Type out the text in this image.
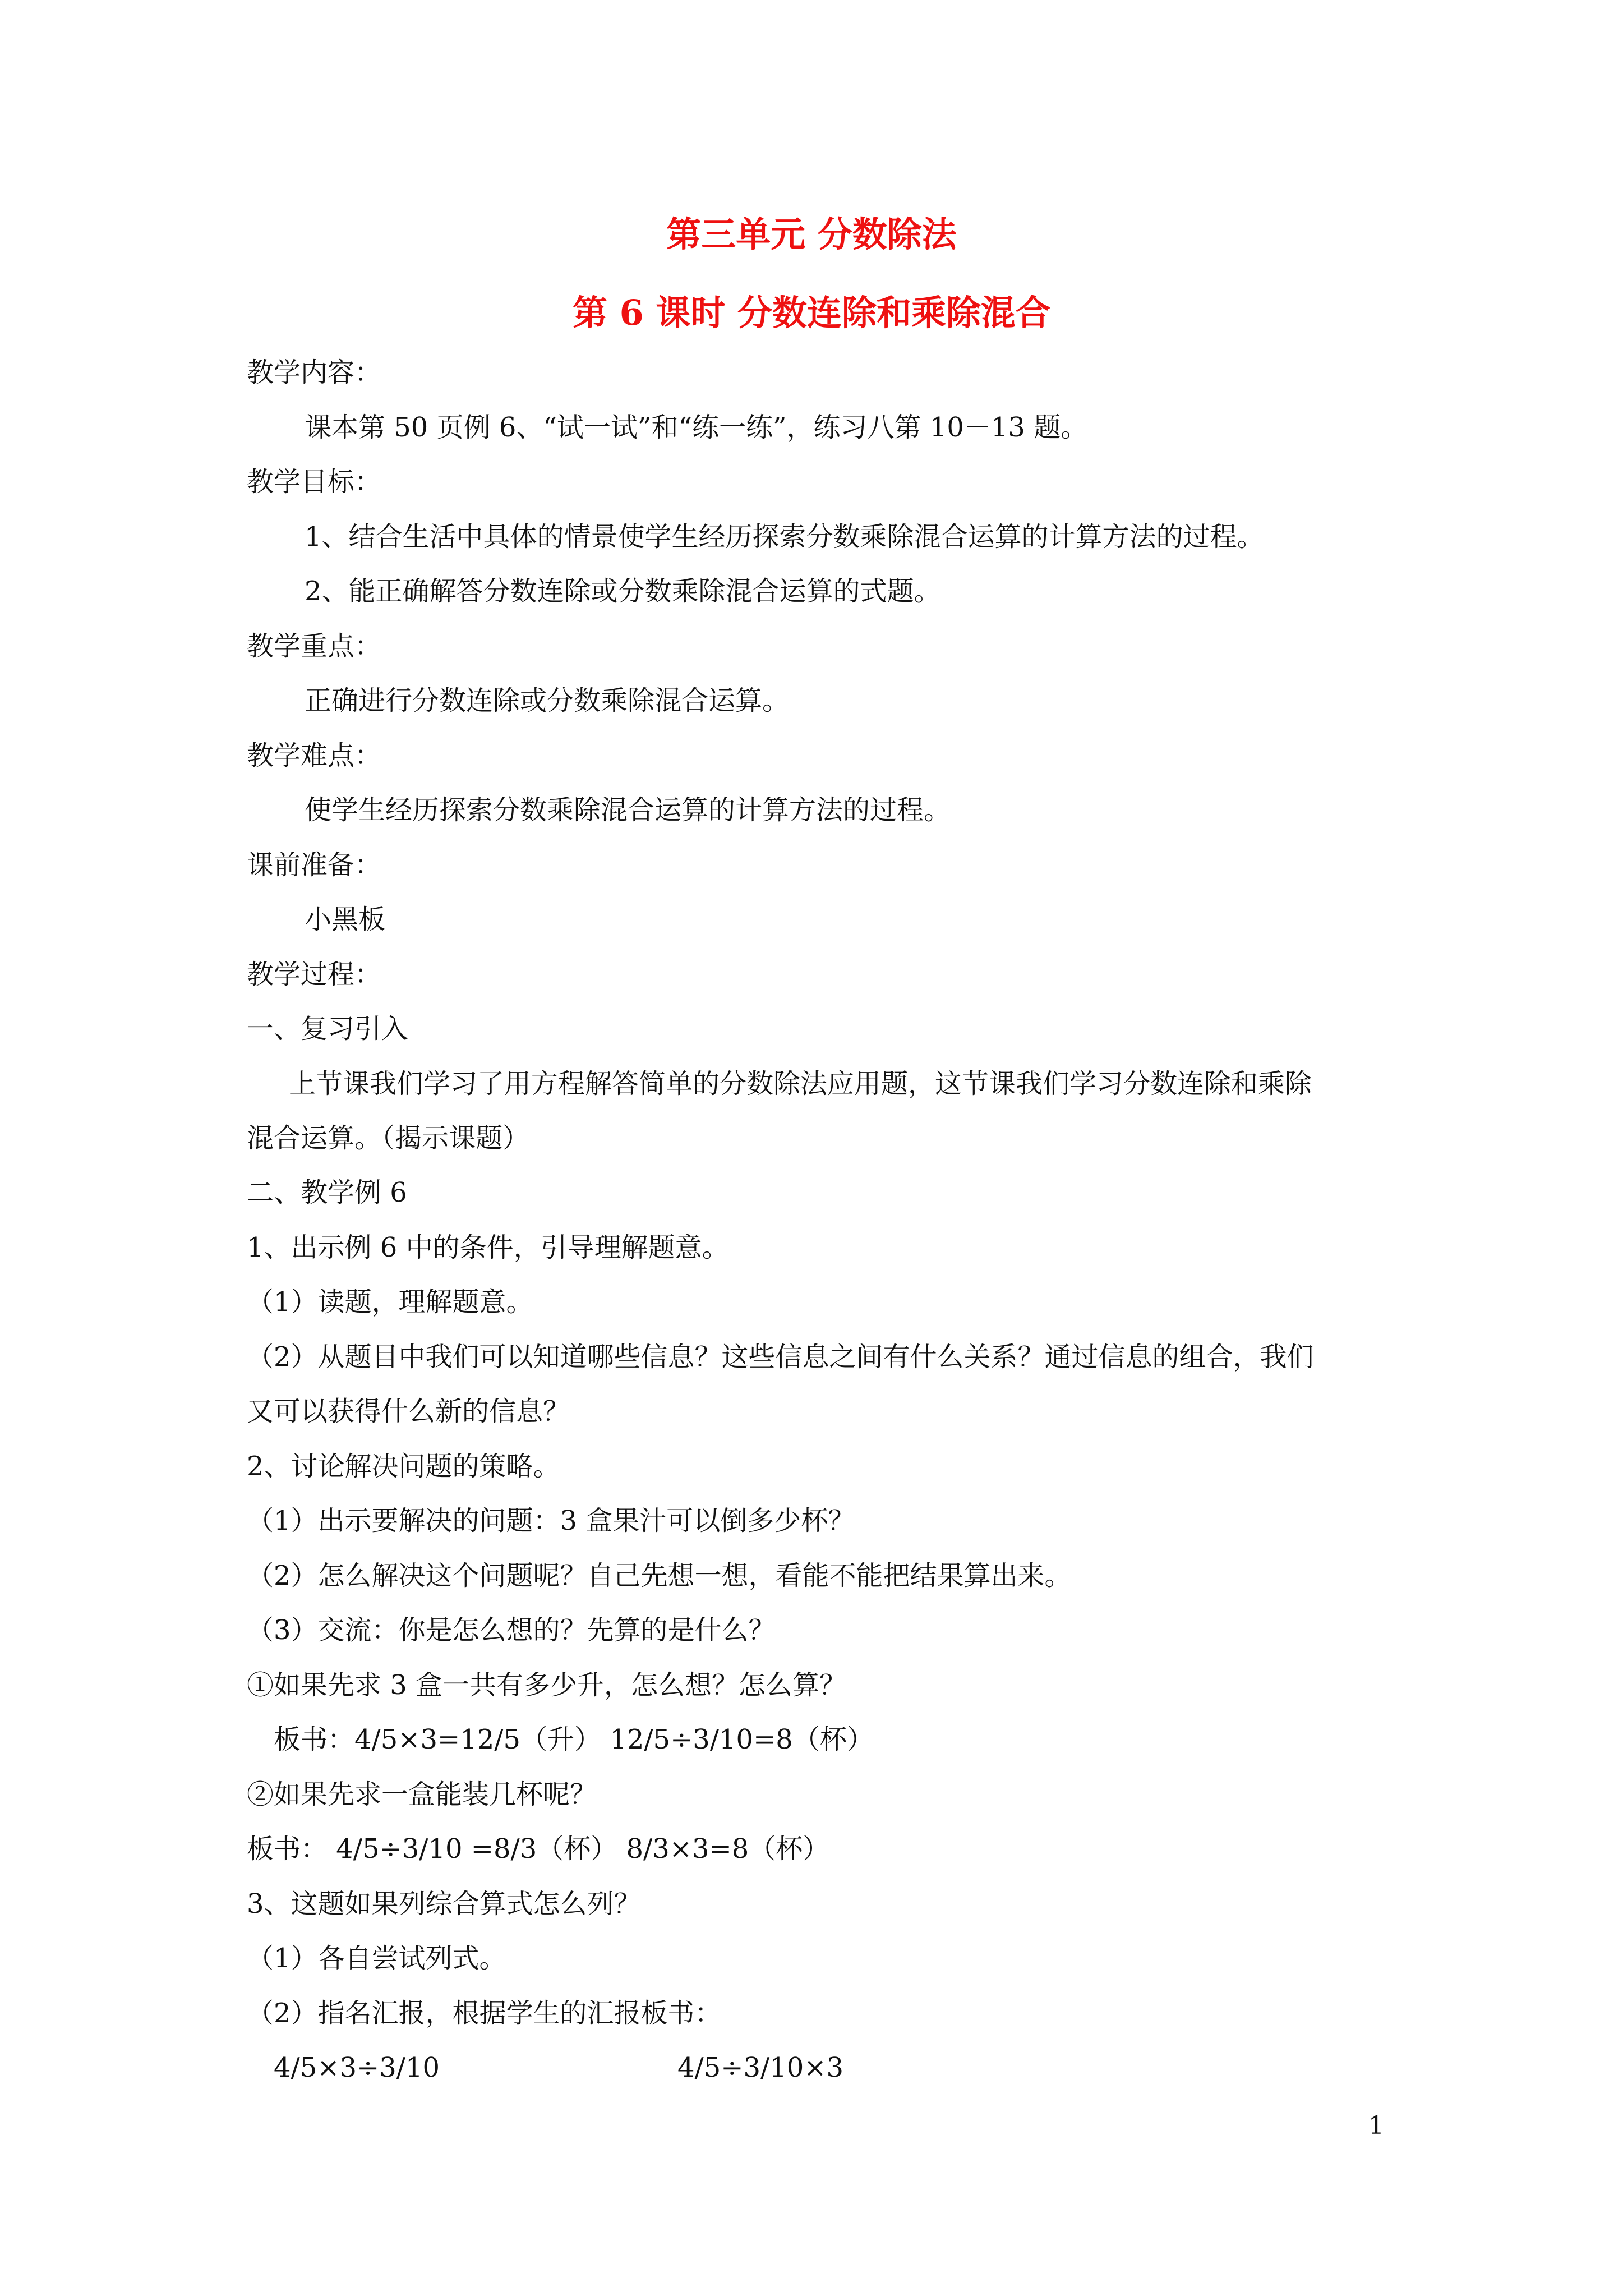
第三单元 分数除法
第 6 课时 分数连除和乘除混合
教学内容：
课本第 50 页例 6、“试一试”和“练一练”，练习八第 10－13 题。
教学目标：
1、结合生活中具体的情景使学生经历探索分数乘除混合运算的计算方法的过程。
2、能正确解答分数连除或分数乘除混合运算的式题。
教学重点：
正确进行分数连除或分数乘除混合运算。
教学难点：
使学生经历探索分数乘除混合运算的计算方法的过程。
课前准备：
小黑板
教学过程：
一、复习引入
上节课我们学习了用方程解答简单的分数除法应用题，这节课我们学习分数连除和乘除
混合运算。（揭示课题）
二、教学例 6
1、出示例 6 中的条件，引导理解题意。
（1）读题，理解题意。
（2）从题目中我们可以知道哪些信息？这些信息之间有什么关系？通过信息的组合，我们
又可以获得什么新的信息？
2、讨论解决问题的策略。
（1）出示要解决的问题：3 盒果汁可以倒多少杯？
（2）怎么解决这个问题呢？自己先想一想，看能不能把结果算出来。
（3）交流：你是怎么想的？先算的是什么？
①如果先求 3 盒一共有多少升，怎么想？怎么算？
板书：4/5×3=12/5（升） 12/5÷3/10=8（杯）
②如果先求一盒能装几杯呢？
板书： 4/5÷3/10 =8/3（杯） 8/3×3=8（杯）
3、这题如果列综合算式怎么列？
（1）各自尝试列式。
（2）指名汇报，根据学生的汇报板书：
4/5×3÷3/10	4/5÷3/10×3
1
